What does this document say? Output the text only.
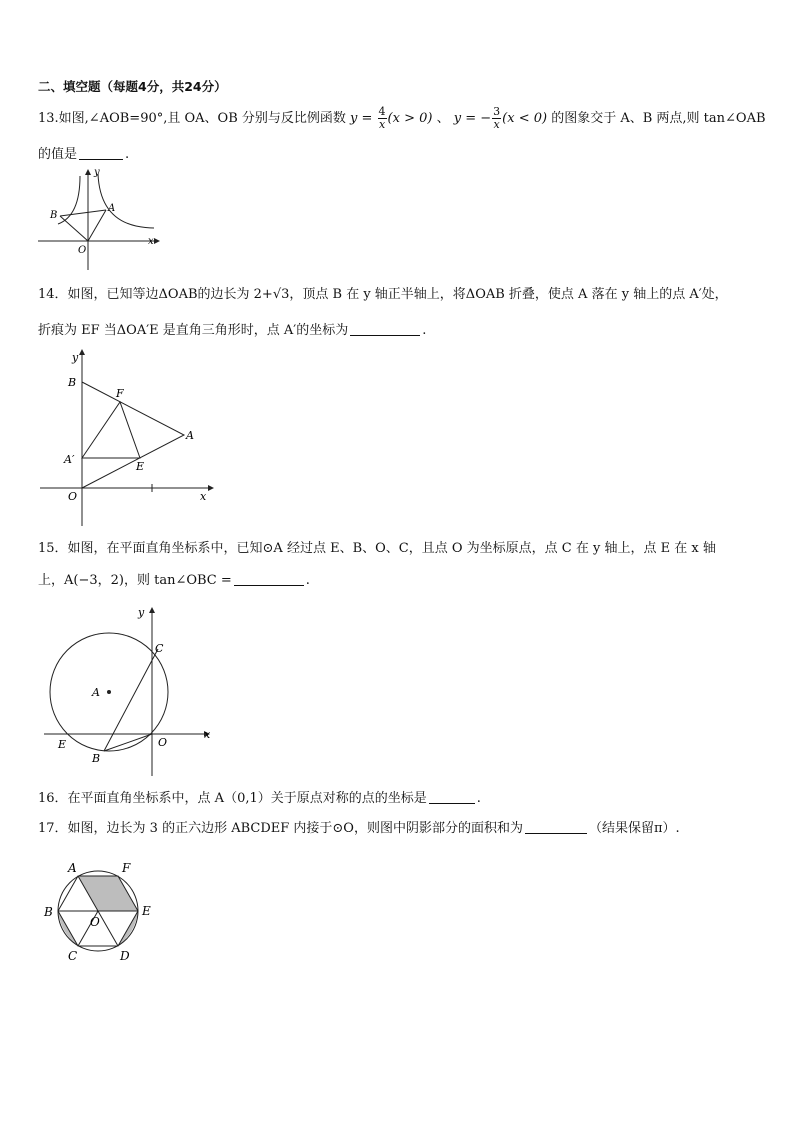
二、填空题（每题4分，共24分）
13.如图,∠AOB=90°,且 OA、OB 分别与反比例函数 $y = \frac{4}{x} (x > 0)$ 、 y = − $\frac{3}{x} (x < 0)$ 的图象交于 A、B 两点,则 tan∠OAB
的值是	.
y
x
A
B
O
14．如图，已知等边ΔOAB的边长为 2+√3，顶点 B 在 y 轴正半轴上，将ΔOAB 折叠，使点 A 落在 y 轴上的点 A′处，
折痕为 EF 当ΔOA′E 是直角三角形时，点 A′的坐标为	.
y
x
B
F
A
A′
E
O
15．如图，在平面直角坐标系中，已知⊙A 经过点 E、B、O、C，且点 O 为坐标原点，点 C 在 y 轴上，点 E 在 x 轴
上，A(−3，2)，则 tan∠OBC =	.
y
x
C
A
E
B
O
16．在平面直角坐标系中，点 A（0,1）关于原点对称的点的坐标是	.
17．如图，边长为 3 的正六边形 ABCDEF 内接于⊙O，则图中阴影部分的面积和为	（结果保留π）.
A	F
B
O
E
C	D
